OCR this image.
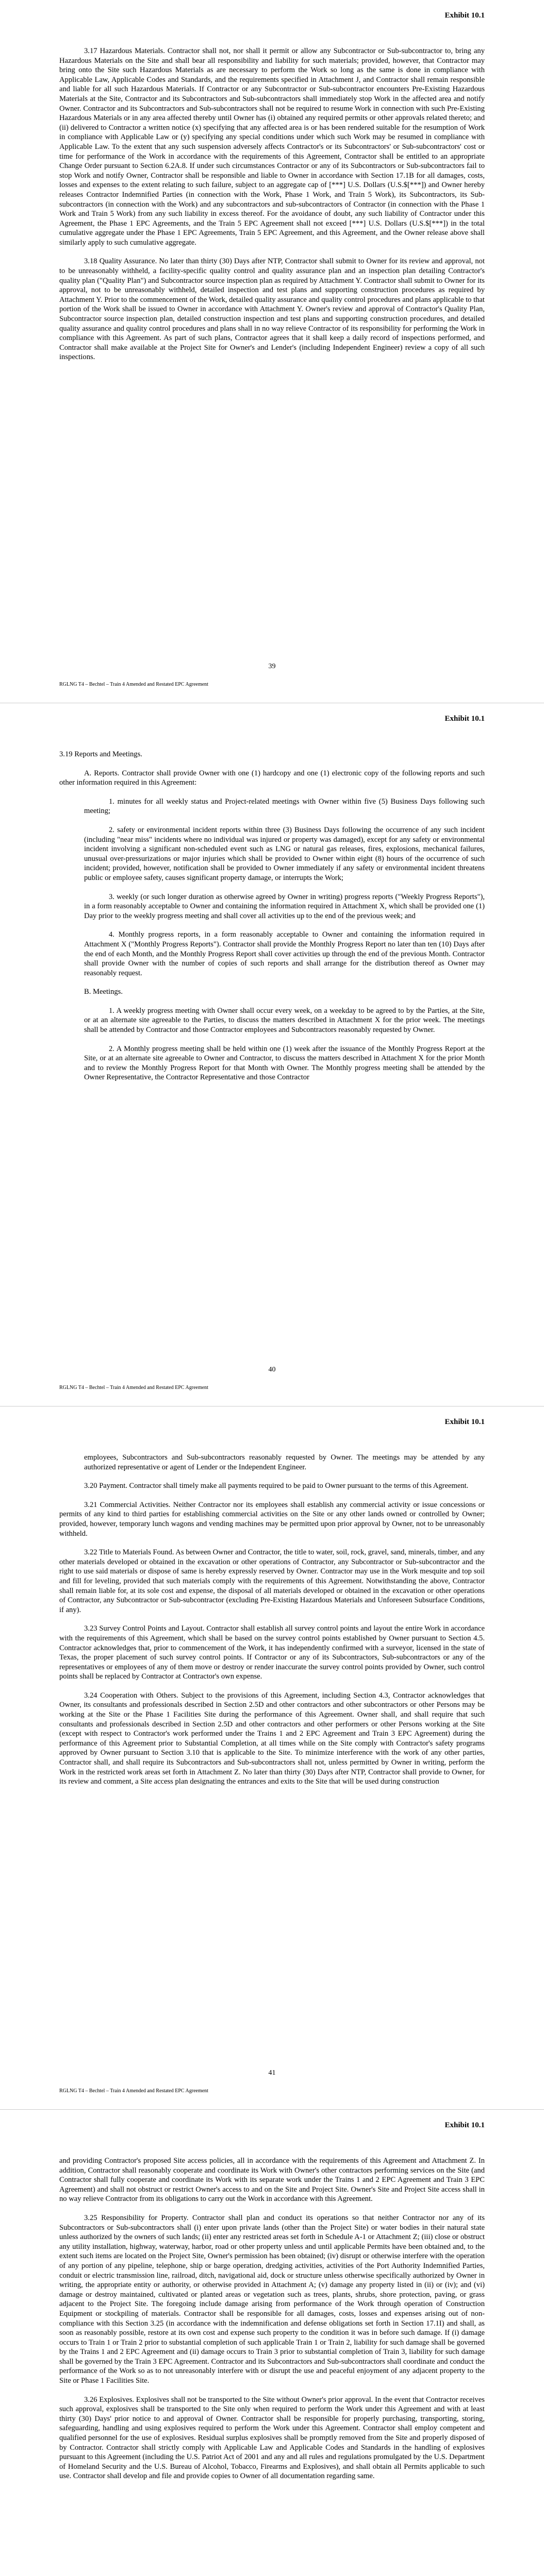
Exhibit 10.1

3.17 Hazardous Materials. Contractor shall not, nor shall it permit or allow any Subcontractor or Sub-subcontractor to, bring any Hazardous Materials on the Site and shall bear all responsibility and liability for such materials; provided, however, that Contractor may bring onto the Site such Hazardous Materials as are necessary to perform the Work so long as the same is done in compliance with Applicable Law, Applicable Codes and Standards, and the requirements specified in Attachment J, and Contractor shall remain responsible and liable for all such Hazardous Materials. If Contractor or any Subcontractor or Sub-subcontractor encounters Pre-Existing Hazardous Materials at the Site, Contractor and its Subcontractors and Sub-subcontractors shall immediately stop Work in the affected area and notify Owner. Contractor and its Subcontractors and Sub-subcontractors shall not be required to resume Work in connection with such Pre-Existing Hazardous Materials or in any area affected thereby until Owner has (i) obtained any required permits or other approvals related thereto; and (ii) delivered to Contractor a written notice (x) specifying that any affected area is or has been rendered suitable for the resumption of Work in compliance with Applicable Law or (y) specifying any special conditions under which such Work may be resumed in compliance with Applicable Law. To the extent that any such suspension adversely affects Contractor's or its Subcontractors' or Sub-subcontractors' cost or time for performance of the Work in accordance with the requirements of this Agreement, Contractor shall be entitled to an appropriate Change Order pursuant to Section 6.2A.8. If under such circumstances Contractor or any of its Subcontractors or Sub-subcontractors fail to stop Work and notify Owner, Contractor shall be responsible and liable to Owner in accordance with Section 17.1B for all damages, costs, losses and expenses to the extent relating to such failure, subject to an aggregate cap of [***] U.S. Dollars (U.S.$[***]) and Owner hereby releases Contractor Indemnified Parties (in connection with the Work, Phase 1 Work, and Train 5 Work), its Subcontractors, its Sub-subcontractors (in connection with the Work) and any subcontractors and sub-subcontractors of Contractor (in connection with the Phase 1 Work and Train 5 Work) from any such liability in excess thereof. For the avoidance of doubt, any such liability of Contractor under this Agreement, the Phase 1 EPC Agreements, and the Train 5 EPC Agreement shall not exceed [***] U.S. Dollars (U.S.$[***]) in the total cumulative aggregate under the Phase 1 EPC Agreements, Train 5 EPC Agreement, and this Agreement, and the Owner release above shall similarly apply to such cumulative aggregate.

3.18 Quality Assurance. No later than thirty (30) Days after NTP, Contractor shall submit to Owner for its review and approval, not to be unreasonably withheld, a facility-specific quality control and quality assurance plan and an inspection plan detailing Contractor's quality plan ("Quality Plan") and Subcontractor source inspection plan as required by Attachment Y. Contractor shall submit to Owner for its approval, not to be unreasonably withheld, detailed inspection and test plans and supporting construction procedures as required by Attachment Y. Prior to the commencement of the Work, detailed quality assurance and quality control procedures and plans applicable to that portion of the Work shall be issued to Owner in accordance with Attachment Y. Owner's review and approval of Contractor's Quality Plan, Subcontractor source inspection plan, detailed construction inspection and test plans and supporting construction procedures, and detailed quality assurance and quality control procedures and plans shall in no way relieve Contractor of its responsibility for performing the Work in compliance with this Agreement. As part of such plans, Contractor agrees that it shall keep a daily record of inspections performed, and Contractor shall make available at the Project Site for Owner's and Lender's (including Independent Engineer) review a copy of all such inspections.

39
RGLNG T4 – Bechtel – Train 4 Amended and Restated EPC Agreement
Exhibit 10.1

3.19 Reports and Meetings.

A. Reports. Contractor shall provide Owner with one (1) hardcopy and one (1) electronic copy of the following reports and such other information required in this Agreement:

1. minutes for all weekly status and Project-related meetings with Owner within five (5) Business Days following such meeting;

2. safety or environmental incident reports within three (3) Business Days following the occurrence of any such incident (including "near miss" incidents where no individual was injured or property was damaged), except for any safety or environmental incident involving a significant non-scheduled event such as LNG or natural gas releases, fires, explosions, mechanical failures, unusual over-pressurizations or major injuries which shall be provided to Owner within eight (8) hours of the occurrence of such incident; provided, however, notification shall be provided to Owner immediately if any safety or environmental incident threatens public or employee safety, causes significant property damage, or interrupts the Work;

3. weekly (or such longer duration as otherwise agreed by Owner in writing) progress reports ("Weekly Progress Reports"), in a form reasonably acceptable to Owner and containing the information required in Attachment X, which shall be provided one (1) Day prior to the weekly progress meeting and shall cover all activities up to the end of the previous week; and

4. Monthly progress reports, in a form reasonably acceptable to Owner and containing the information required in Attachment X ("Monthly Progress Reports"). Contractor shall provide the Monthly Progress Report no later than ten (10) Days after the end of each Month, and the Monthly Progress Report shall cover activities up through the end of the previous Month. Contractor shall provide Owner with the number of copies of such reports and shall arrange for the distribution thereof as Owner may reasonably request.

B. Meetings.

1. A weekly progress meeting with Owner shall occur every week, on a weekday to be agreed to by the Parties, at the Site, or at an alternate site agreeable to the Parties, to discuss the matters described in Attachment X for the prior week. The meetings shall be attended by Contractor and those Contractor employees and Subcontractors reasonably requested by Owner.

2. A Monthly progress meeting shall be held within one (1) week after the issuance of the Monthly Progress Report at the Site, or at an alternate site agreeable to Owner and Contractor, to discuss the matters described in Attachment X for the prior Month and to review the Monthly Progress Report for that Month with Owner. The Monthly progress meeting shall be attended by the Owner Representative, the Contractor Representative and those Contractor

40
RGLNG T4 – Bechtel – Train 4 Amended and Restated EPC Agreement
Exhibit 10.1

employees, Subcontractors and Sub-subcontractors reasonably requested by Owner. The meetings may be attended by any authorized representative or agent of Lender or the Independent Engineer.

3.20 Payment. Contractor shall timely make all payments required to be paid to Owner pursuant to the terms of this Agreement.

3.21 Commercial Activities. Neither Contractor nor its employees shall establish any commercial activity or issue concessions or permits of any kind to third parties for establishing commercial activities on the Site or any other lands owned or controlled by Owner; provided, however, temporary lunch wagons and vending machines may be permitted upon prior approval by Owner, not to be unreasonably withheld.

3.22 Title to Materials Found. As between Owner and Contractor, the title to water, soil, rock, gravel, sand, minerals, timber, and any other materials developed or obtained in the excavation or other operations of Contractor, any Subcontractor or Sub-subcontractor and the right to use said materials or dispose of same is hereby expressly reserved by Owner. Contractor may use in the Work mesquite and top soil and fill for leveling, provided that such materials comply with the requirements of this Agreement. Notwithstanding the above, Contractor shall remain liable for, at its sole cost and expense, the disposal of all materials developed or obtained in the excavation or other operations of Contractor, any Subcontractor or Sub-subcontractor (excluding Pre-Existing Hazardous Materials and Unforeseen Subsurface Conditions, if any).

3.23 Survey Control Points and Layout. Contractor shall establish all survey control points and layout the entire Work in accordance with the requirements of this Agreement, which shall be based on the survey control points established by Owner pursuant to Section 4.5. Contractor acknowledges that, prior to commencement of the Work, it has independently confirmed with a surveyor, licensed in the state of Texas, the proper placement of such survey control points. If Contractor or any of its Subcontractors, Sub-subcontractors or any of the representatives or employees of any of them move or destroy or render inaccurate the survey control points provided by Owner, such control points shall be replaced by Contractor at Contractor's own expense.

3.24 Cooperation with Others. Subject to the provisions of this Agreement, including Section 4.3, Contractor acknowledges that Owner, its consultants and professionals described in Section 2.5D and other contractors and other subcontractors or other Persons may be working at the Site or the Phase 1 Facilities Site during the performance of this Agreement. Owner shall, and shall require that such consultants and professionals described in Section 2.5D and other contractors and other performers or other Persons working at the Site (except with respect to Contractor's work performed under the Trains 1 and 2 EPC Agreement and Train 3 EPC Agreement) during the performance of this Agreement prior to Substantial Completion, at all times while on the Site comply with Contractor's safety programs approved by Owner pursuant to Section 3.10 that is applicable to the Site. To minimize interference with the work of any other parties, Contractor shall, and shall require its Subcontractors and Sub-subcontractors shall not, unless permitted by Owner in writing, perform the Work in the restricted work areas set forth in Attachment Z. No later than thirty (30) Days after NTP, Contractor shall provide to Owner, for its review and comment, a Site access plan designating the entrances and exits to the Site that will be used during construction

41
RGLNG T4 – Bechtel – Train 4 Amended and Restated EPC Agreement
Exhibit 10.1

and providing Contractor's proposed Site access policies, all in accordance with the requirements of this Agreement and Attachment Z. In addition, Contractor shall reasonably cooperate and coordinate its Work with Owner's other contractors performing services on the Site (and Contractor shall fully cooperate and coordinate its Work with its separate work under the Trains 1 and 2 EPC Agreement and Train 3 EPC Agreement) and shall not obstruct or restrict Owner's access to and on the Site and Project Site. Owner's Site and Project Site access shall in no way relieve Contractor from its obligations to carry out the Work in accordance with this Agreement.

3.25 Responsibility for Property. Contractor shall plan and conduct its operations so that neither Contractor nor any of its Subcontractors or Sub-subcontractors shall (i) enter upon private lands (other than the Project Site) or water bodies in their natural state unless authorized by the owners of such lands; (ii) enter any restricted areas set forth in Schedule A-1 or Attachment Z; (iii) close or obstruct any utility installation, highway, waterway, harbor, road or other property unless and until applicable Permits have been obtained and, to the extent such items are located on the Project Site, Owner's permission has been obtained; (iv) disrupt or otherwise interfere with the operation of any portion of any pipeline, telephone, ship or barge operation, dredging activities, activities of the Port Authority Indemnified Parties, conduit or electric transmission line, railroad, ditch, navigational aid, dock or structure unless otherwise specifically authorized by Owner in writing, the appropriate entity or authority, or otherwise provided in Attachment A; (v) damage any property listed in (ii) or (iv); and (vi) damage or destroy maintained, cultivated or planted areas or vegetation such as trees, plants, shrubs, shore protection, paving, or grass adjacent to the Project Site. The foregoing include damage arising from performance of the Work through operation of Construction Equipment or stockpiling of materials. Contractor shall be responsible for all damages, costs, losses and expenses arising out of non-compliance with this Section 3.25 (in accordance with the indemnification and defense obligations set forth in Section 17.1I) and shall, as soon as reasonably possible, restore at its own cost and expense such property to the condition it was in before such damage. If (i) damage occurs to Train 1 or Train 2 prior to substantial completion of such applicable Train 1 or Train 2, liability for such damage shall be governed by the Trains 1 and 2 EPC Agreement and (ii) damage occurs to Train 3 prior to substantial completion of Train 3, liability for such damage shall be governed by the Train 3 EPC Agreement. Contractor and its Subcontractors and Sub-subcontractors shall coordinate and conduct the performance of the Work so as to not unreasonably interfere with or disrupt the use and peaceful enjoyment of any adjacent property to the Site or Phase 1 Facilities Site.

3.26 Explosives. Explosives shall not be transported to the Site without Owner's prior approval. In the event that Contractor receives such approval, explosives shall be transported to the Site only when required to perform the Work under this Agreement and with at least thirty (30) Days' prior notice to and approval of Owner. Contractor shall be responsible for properly purchasing, transporting, storing, safeguarding, handling and using explosives required to perform the Work under this Agreement. Contractor shall employ competent and qualified personnel for the use of explosives. Residual surplus explosives shall be promptly removed from the Site and properly disposed of by Contractor. Contractor shall strictly comply with Applicable Law and Applicable Codes and Standards in the handling of explosives pursuant to this Agreement (including the U.S. Patriot Act of 2001 and any and all rules and regulations promulgated by the U.S. Department of Homeland Security and the U.S. Bureau of Alcohol, Tobacco, Firearms and Explosives), and shall obtain all Permits applicable to such use. Contractor shall develop and file and provide copies to Owner of all documentation regarding same.
